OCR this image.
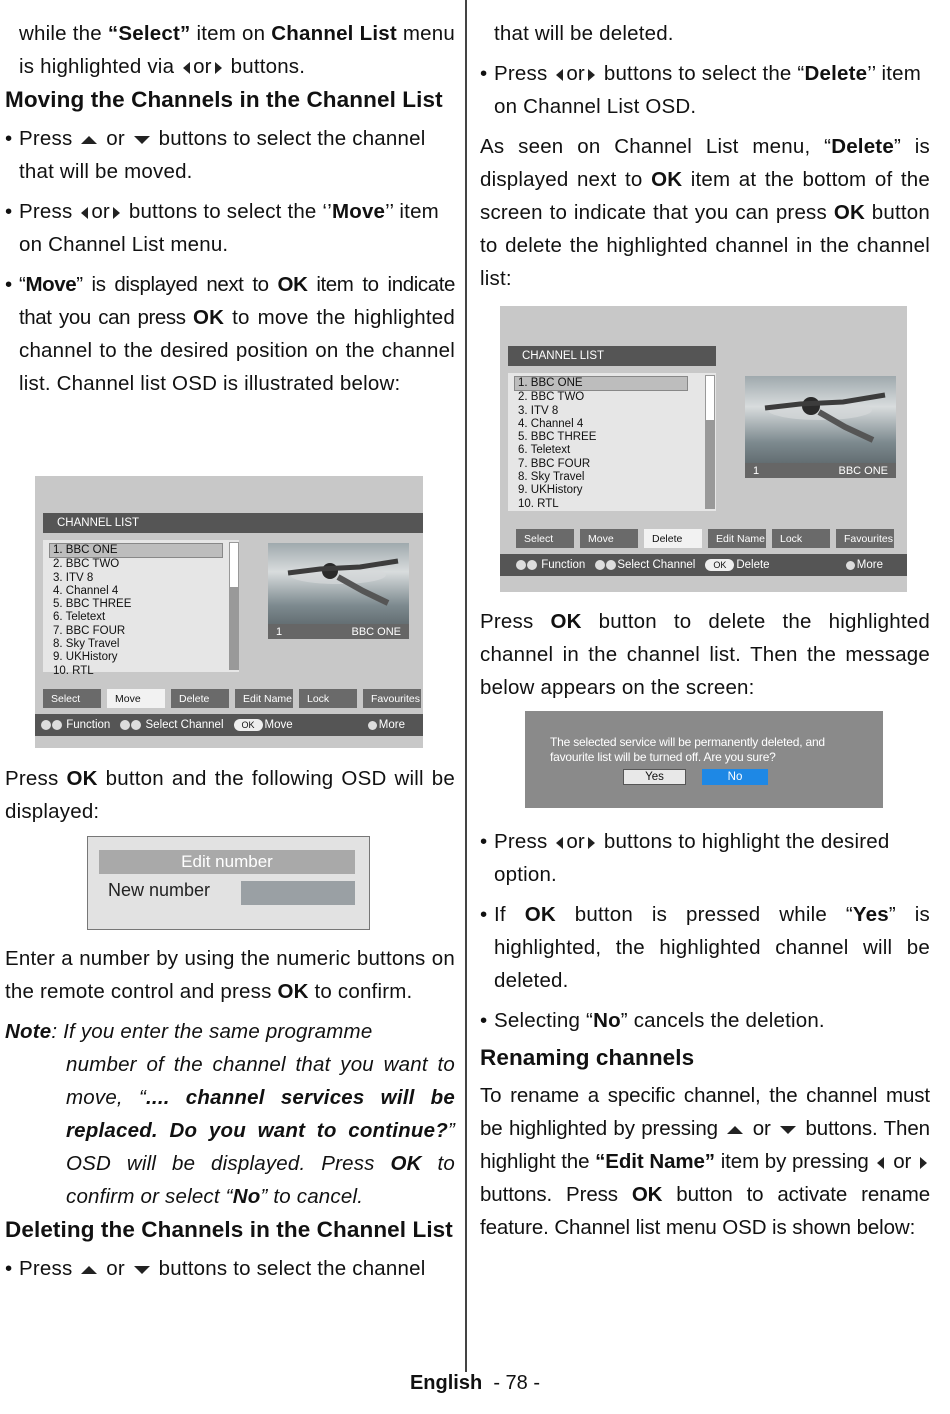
while the “Select” item on Channel List menu is highlighted via or buttons.

Moving the Channels in the Channel List

• Press or buttons to select the channel that will be moved.

• Press or buttons to select the ‘’Move’’ item on Channel List menu.

• “Move” is displayed next to OK item to indicate that you can press OK to move the highlighted channel to the desired position on the channel list. Channel list OSD is illustrated below:

CHANNEL LIST
1. BBC ONE
2. BBC TWO
3. ITV 8
4. Channel 4
5. BBC THREE
6. Teletext
7. BBC FOUR
8. Sky Travel
9. UKHistory
10. RTL
1	BBC ONE
Select	Move	Delete	Edit Name	Lock	Favourites

Function
	Select Channel	OK Move	More

Press OK button and the following OSD will be displayed:

Edit number
New number

Enter a number by using the numeric buttons on the remote control and press OK to confirm.

Note: If you enter the same programme

number of the channel that you want to move, “.... channel services will be replaced. Do you want to continue?” OSD will be displayed. Press OK to confirm or select “No” to cancel.

Deleting the Channels in the Channel List

• Press or buttons to select the channel

that will be deleted.

• Press or buttons to select the “Delete’’ item on Channel List OSD.

As seen on Channel List menu, “Delete” is displayed next to OK item at the bottom of the screen to indicate that you can press OK button to delete the highlighted channel in the channel list:

CHANNEL LIST
1. BBC ONE
2. BBC TWO
3. ITV 8
4. Channel 4
5. BBC THREE
6. Teletext
7. BBC FOUR
8. Sky Travel
9. UKHistory
10. RTL
1	BBC ONE
Select	Move	Delete	Edit Name	Lock	Favourites

Function	Select Channel	OK Delete	More

Press OK button to delete the highlighted channel in the channel list. Then the message below appears on the screen:

The selected service will be permanently deleted, and favourite list will be turned off. Are you sure?
Yes	No

• Press or buttons to highlight the desired option.

• If OK button is pressed while “Yes” is highlighted, the highlighted channel will be deleted.

• Selecting “No” cancels the deletion.

Renaming channels

To rename a specific channel, the channel must be highlighted by pressing or buttons. Then highlight the “Edit Name” item by pressing or  buttons. Press OK button to activate rename feature. Channel list menu OSD is shown below:

English - 78 -
